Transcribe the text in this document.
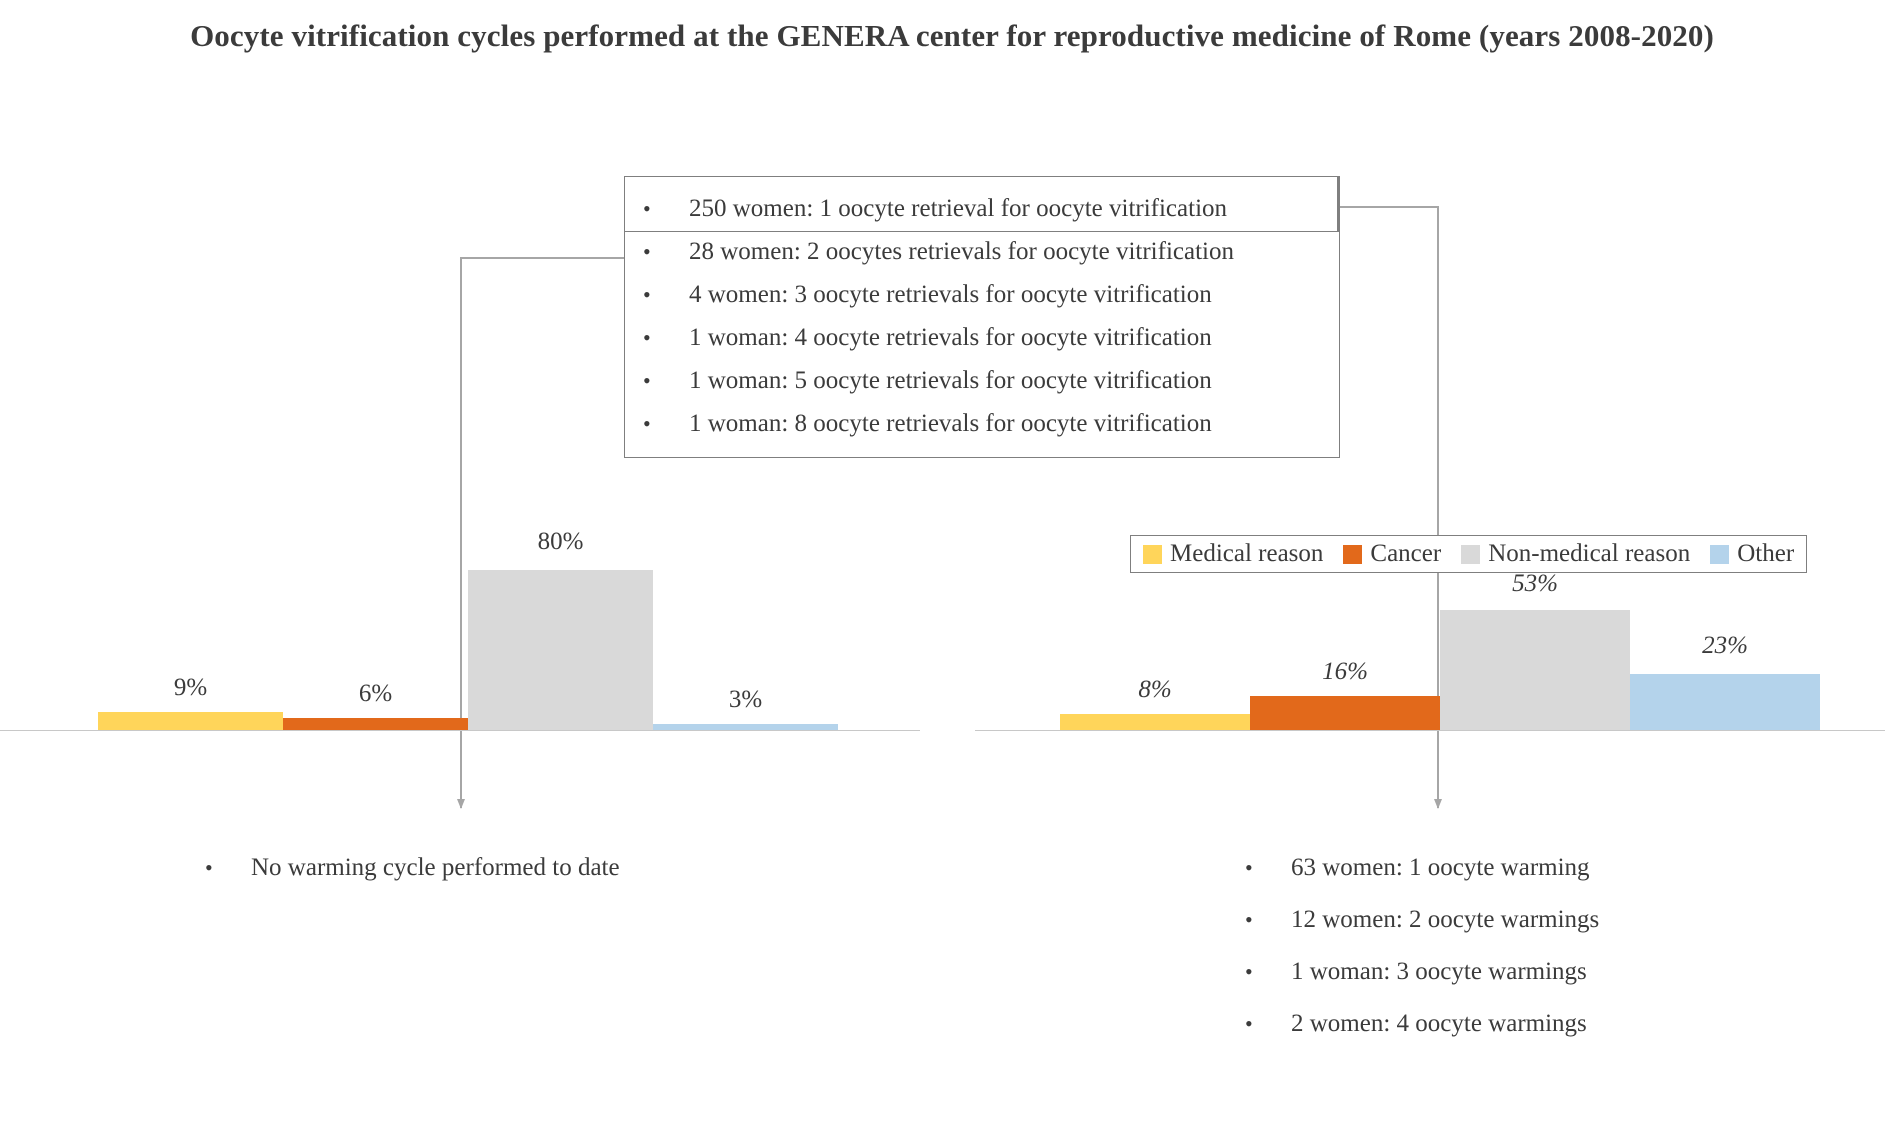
Oocyte vitrification cycles performed at the GENERA center for reproductive medicine of Rome (years 2008-2020)
•	250 women: 1 oocyte retrieval for oocyte vitrification
•	28 women: 2 oocytes retrievals for oocyte vitrification
•	4 women: 3 oocyte retrievals for oocyte vitrification
•	1 woman: 4 oocyte retrievals for oocyte vitrification
•	1 woman: 5 oocyte retrievals for oocyte vitrification
•	1 woman: 8 oocyte retrievals for oocyte vitrification
Medical reason Cancer Non-medical reason Other
9%	6%
80%
3%	8%
16%
53%
23%
•	No warming cycle performed to date	•	63 women: 1 oocyte warming
•	12 women: 2 oocyte warmings
•	1 woman: 3 oocyte warmings
•	2 women: 4 oocyte warmings
